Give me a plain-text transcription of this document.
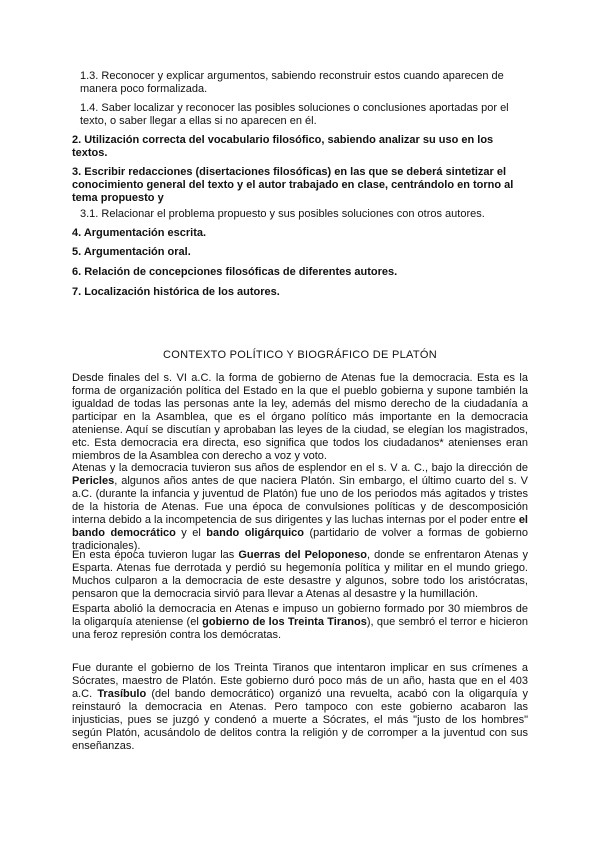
1.3. Reconocer y explicar argumentos, sabiendo reconstruir estos cuando aparecen de manera poco formalizada.

1.4. Saber localizar y reconocer las posibles soluciones o conclusiones aportadas por el texto, o saber llegar a ellas si no aparecen en él.

2. Utilización correcta del vocabulario filosófico, sabiendo analizar su uso en los textos.

3. Escribir redacciones (disertaciones filosóficas) en las que se deberá sintetizar el conocimiento general del texto y el autor trabajado en clase, centrándolo en torno al tema propuesto y

3.1. Relacionar el problema propuesto y sus posibles soluciones con otros autores.

4. Argumentación escrita.

5. Argumentación oral.

6. Relación de concepciones filosóficas de diferentes autores.

7. Localización histórica de los autores.

CONTEXTO POLÍTICO Y BIOGRÁFICO DE PLATÓN

Desde finales del s. VI a.C. la forma de gobierno de Atenas fue la democracia. Esta es la forma de organización política del Estado en la que el pueblo gobierna y supone también la igualdad de todas las personas ante la ley, además del mismo derecho de la ciudadanía a participar en la Asamblea, que es el órgano político más importante en la democracia ateniense. Aquí se discutían y aprobaban las leyes de la ciudad, se elegían los magistrados, etc. Esta democracia era directa, eso significa que todos los ciudadanos* atenienses eran miembros de la Asamblea con derecho a voz y voto.

Atenas y la democracia tuvieron sus años de esplendor en el s. V a. C., bajo la dirección de Pericles, algunos años antes de que naciera Platón. Sin embargo, el último cuarto del s. V a.C. (durante la infancia y juventud de Platón) fue uno de los periodos más agitados y tristes de la historia de Atenas. Fue una época de convulsiones políticas y de descomposición interna debido a la incompetencia de sus dirigentes y las luchas internas por el poder entre el bando democrático y el bando oligárquico (partidario de volver a formas de gobierno tradicionales).

En esta época tuvieron lugar las Guerras del Peloponeso, donde se enfrentaron Atenas y Esparta. Atenas fue derrotada y perdió su hegemonía política y militar en el mundo griego. Muchos culparon a la democracia de este desastre y algunos, sobre todo los aristócratas, pensaron que la democracia sirvió para llevar a Atenas al desastre y la humillación.

Esparta abolió la democracia en Atenas e impuso un gobierno formado por 30 miembros de la oligarquía ateniense (el gobierno de los Treinta Tiranos), que sembró el terror e hicieron una feroz represión contra los demócratas.

Fue durante el gobierno de los Treinta Tiranos que intentaron implicar en sus crímenes a Sócrates, maestro de Platón. Este gobierno duró poco más de un año, hasta que en el 403 a.C. Trasíbulo (del bando democrático) organizó una revuelta, acabó con la oligarquía y reinstauró la democracia en Atenas. Pero tampoco con este gobierno acabaron las injusticias, pues se juzgó y condenó a muerte a Sócrates, el más "justo de los hombres" según Platón, acusándolo de delitos contra la religión y de corromper a la juventud con sus enseñanzas.
